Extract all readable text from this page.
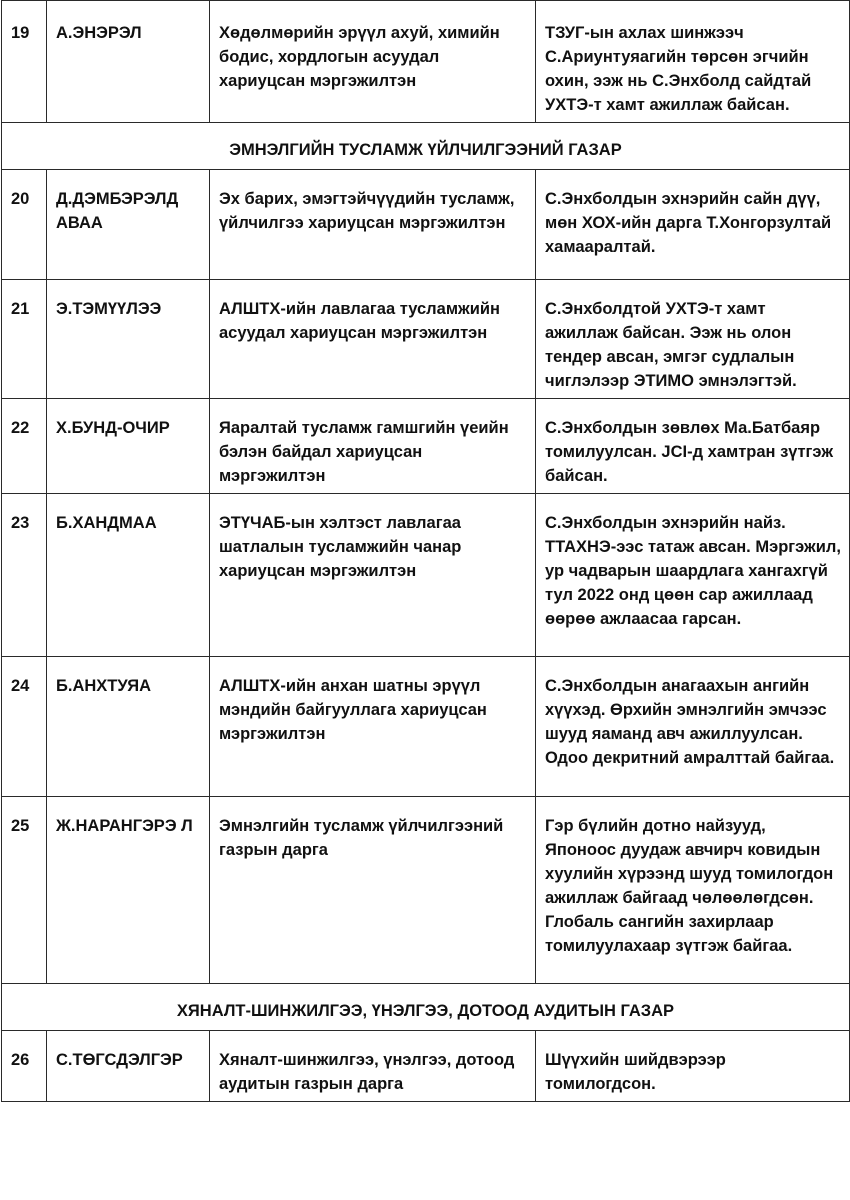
19	А.ЭНЭРЭЛ	Хөдөлмөрийн эрүүл ахуй, химийн бодис, хордлогын асуудал хариуцсан мэргэжилтэн	ТЗУГ-ын ахлах шинжээч С.Ариунтуяагийн төрсөн эгчийн охин, ээж нь С.Энхболд сайдтай УХТЭ-т хамт ажиллаж байсан.
ЭМНЭЛГИЙН ТУСЛАМЖ ҮЙЛЧИЛГЭЭНИЙ ГАЗАР			
20	Д.ДЭМБЭРЭЛД АВАА	Эх барих, эмэгтэйчүүдийн тусламж, үйлчилгээ хариуцсан мэргэжилтэн	С.Энхболдын эхнэрийн сайн дүү, мөн ХОХ-ийн дарга Т.Хонгорзултай хамааралтай.
21	Э.ТЭМҮҮЛЭЭ	АЛШТХ-ийн лавлагаа тусламжийн асуудал хариуцсан мэргэжилтэн	С.Энхболдтой УХТЭ-т хамт ажиллаж байсан. Ээж нь олон тендер авсан, эмгэг судлалын чиглэлээр ЭТИМО эмнэлэгтэй.
22	Х.БУНД-ОЧИР	Яаралтай тусламж гамшгийн үеийн бэлэн байдал хариуцсан мэргэжилтэн	С.Энхболдын зөвлөх Ма.Батбаяр томилуулсан. JCI-д хамтран зүтгэж байсан.
23	Б.ХАНДМАА	ЭТҮЧАБ-ын хэлтэст лавлагаа шатлалын тусламжийн чанар хариуцсан мэргэжилтэн	С.Энхболдын эхнэрийн найз. ТТАХНЭ-ээс татаж авсан. Мэргэжил, ур чадварын шаардлага хангахгүй тул 2022 онд цөөн сар ажиллаад өөрөө ажлаасаа гарсан.
24	Б.АНХТУЯА	АЛШТХ-ийн анхан шатны эрүүл мэндийн байгууллага хариуцсан мэргэжилтэн	С.Энхболдын анагаахын ангийн хүүхэд. Өрхийн эмнэлгийн эмчээс шууд яаманд авч ажиллуулсан. Одоо декритний амралттай байгаа.
25	Ж.НАРАНГЭРЭ Л	Эмнэлгийн тусламж үйлчилгээний газрын дарга	Гэр бүлийн дотно найзууд, Японоос дуудаж авчирч ковидын хуулийн хүрээнд шууд томилогдон ажиллаж байгаад чөлөөлөгдсөн. Глобаль сангийн захирлаар томилуулахаар зүтгэж байгаа.
ХЯНАЛТ-ШИНЖИЛГЭЭ, ҮНЭЛГЭЭ, ДОТООД АУДИТЫН ГАЗАР			
26	С.ТӨГСДЭЛГЭР	Хяналт-шинжилгээ, үнэлгээ, дотоод аудитын газрын дарга	Шүүхийн шийдвэрээр томилогдсон.
